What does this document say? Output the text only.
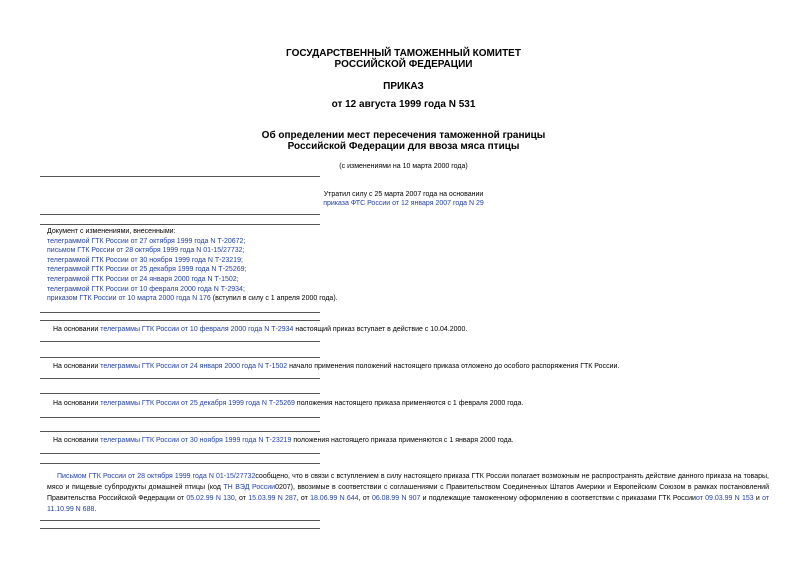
ГОСУДАРСТВЕННЫЙ ТАМОЖЕННЫЙ КОМИТЕТ
РОССИЙСКОЙ ФЕДЕРАЦИИ
ПРИКАЗ
от 12 августа 1999 года N 531
Об определении мест пересечения таможенной границы
Российской Федерации для ввоза мяса птицы
(с изменениями на 10 марта 2000 года)
Утратил силу с 25 марта 2007 года на основании
приказа ФТС России от 12 января 2007 года N 29
Документ с изменениями, внесенными:
телеграммой ГТК России от 27 октября 1999 года N Т-20672;
письмом ГТК России от 28 октября 1999 года N 01-15/27732;
телеграммой ГТК России от 30 ноября 1999 года N Т-23219;
телеграммой ГТК России от 25 декабря 1999 года N Т-25269;
телеграммой ГТК России от 24 января 2000 года N Т-1502;
телеграммой ГТК России от 10 февраля 2000 года N Т-2934;
приказом ГТК России от 10 марта 2000 года N 176 (вступил в силу с 1 апреля 2000 года).
На основании телеграммы ГТК России от 10 февраля 2000 года N Т-2934 настоящий приказ вступает в действие с 10.04.2000.
На основании телеграммы ГТК России от 24 января 2000 года N Т-1502 начало применения положений настоящего приказа отложено до особого распоряжения ГТК России.
На основании телеграммы ГТК России от 25 декабря 1999 года N Т-25269 положения настоящего приказа применяются с 1 февраля 2000 года.
На основании телеграммы ГТК России от 30 ноября 1999 года N Т-23219 положения настоящего приказа применяются с 1 января 2000 года.
Письмом ГТК России от 28 октября 1999 года N 01-15/27732сообщено, что в связи с вступлением в силу настоящего приказа ГТК России полагает возможным не распространять действие данного приказа на товары, мясо и пищевые субпродукты домашней птицы (код ТН ВЭД России0207), ввозимые в соответствии с соглашениями с Правительством Соединенных Штатов Америки и Европейским Союзом в рамках постановлений Правительства Российской Федерации от 05.02.99 N 130, от 15.03.99 N 287, от 18.06.99 N 644, от 06.08.99 N 907 и подлежащие таможенному оформлению в соответствии с приказами ГТК Россииот 09.03.99 N 153 и от 11.10.99 N 688.
